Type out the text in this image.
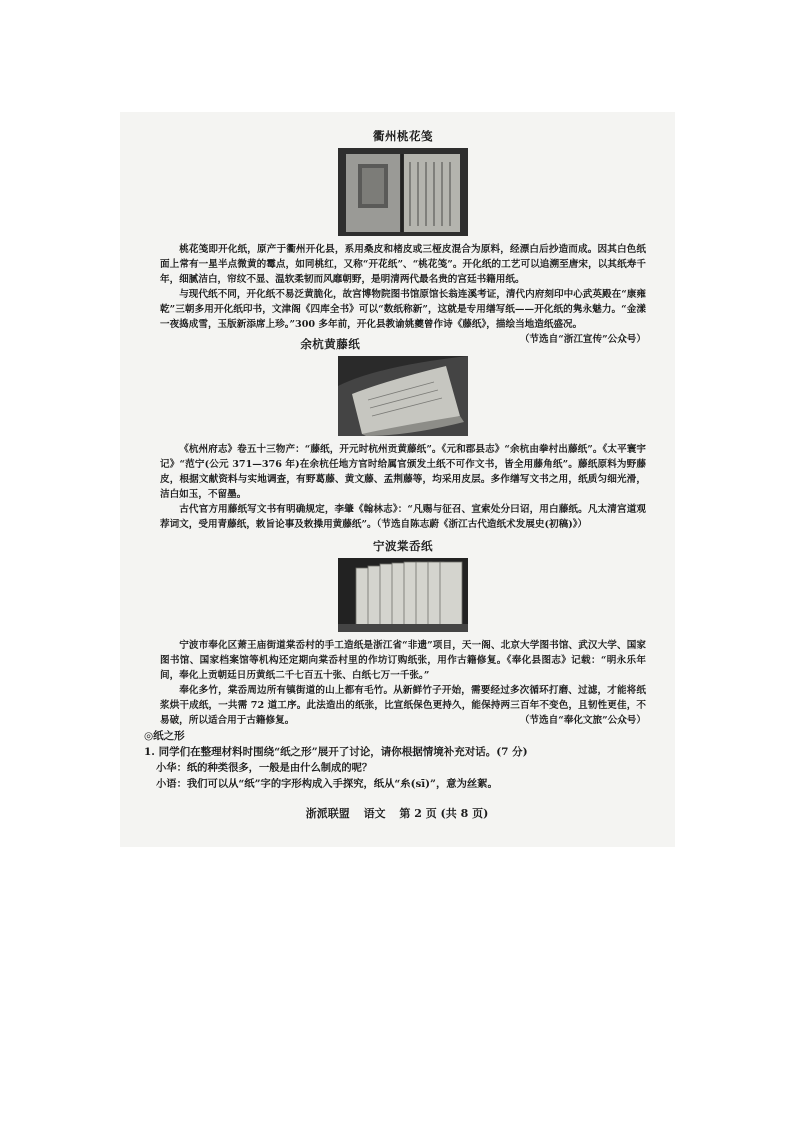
衢州桃花笺

桃花笺即开化纸，原产于衢州开化县，系用桑皮和楮皮或三桠皮混合为原料，经漂白后抄造而成。因其白色纸面上常有一星半点微黄的霉点，如同桃红，又称“开花纸”、“桃花笺”。开化纸的工艺可以追溯至唐宋，以其纸寿千年，细腻洁白，帘纹不显、温软柔韧而风靡朝野，是明清两代最名贵的宫廷书籍用纸。

与现代纸不同，开化纸不易泛黄脆化，故宫博物院图书馆原馆长翁连溪考证，清代内府刻印中心武英殿在“康雍乾”三朝多用开化纸印书，文津阁《四库全书》可以“数纸称新”，这就是专用缮写纸——开化纸的隽永魅力。“金漾一夜捣成雪，玉版新添席上珍。”300 多年前，开化县教谕姚夔曾作诗《藤纸》，描绘当地造纸盛况。
（节选自“浙江宣传”公众号）

余杭黄藤纸

《杭州府志》卷五十三物产：“藤纸，开元时杭州贡黄藤纸”。《元和郡县志》“余杭由拳村出藤纸”。《太平寰宇记》“范宁(公元 371—376 年)在余杭任地方官时给属官颁发土纸不可作文书，皆全用藤角纸”。藤纸原料为野藤皮，根据文献资料与实地调查，有野葛藤、黄文藤、孟荆藤等，均采用皮层。多作缮写文书之用，纸质匀细光滑，洁白如玉，不留墨。

古代官方用藤纸写文书有明确规定，李肇《翰林志》：“凡赐与征召、宣索处分曰诏，用白藤纸。凡太清宫道观荐词文，受用青藤纸，敕旨论事及敕操用黄藤纸”。（节选自陈志蔚《浙江古代造纸术发展史(初稿)》）

宁波棠岙纸

宁波市奉化区萧王庙街道棠岙村的手工造纸是浙江省“非遗”项目，天一阁、北京大学图书馆、武汉大学、国家图书馆、国家档案馆等机构还定期向棠岙村里的作坊订购纸张，用作古籍修复。《奉化县图志》记载：“明永乐年间，奉化上贡朝廷日历黄纸二千七百五十张、白纸七万一千张。”

奉化多竹，棠岙周边所有镇街道的山上都有毛竹。从新鲜竹子开始，需要经过多次循环打磨、过滤，才能将纸浆烘干成纸，一共需 72 道工序。此法造出的纸张，比宣纸保色更持久，能保持两三百年不变色，且韧性更佳，不易破，所以适合用于古籍修复。	（节选自“奉化文旅”公众号）

◎纸之形
1. 同学们在整理材料时围绕“纸之形”展开了讨论，请你根据情境补充对话。(7 分)
小华：纸的种类很多，一般是由什么制成的呢？
小语：我们可以从“纸”字的字形构成入手探究，纸从“糸(sī)”，意为丝絮。
浙派联盟 语文 第 2 页 (共 8 页)
